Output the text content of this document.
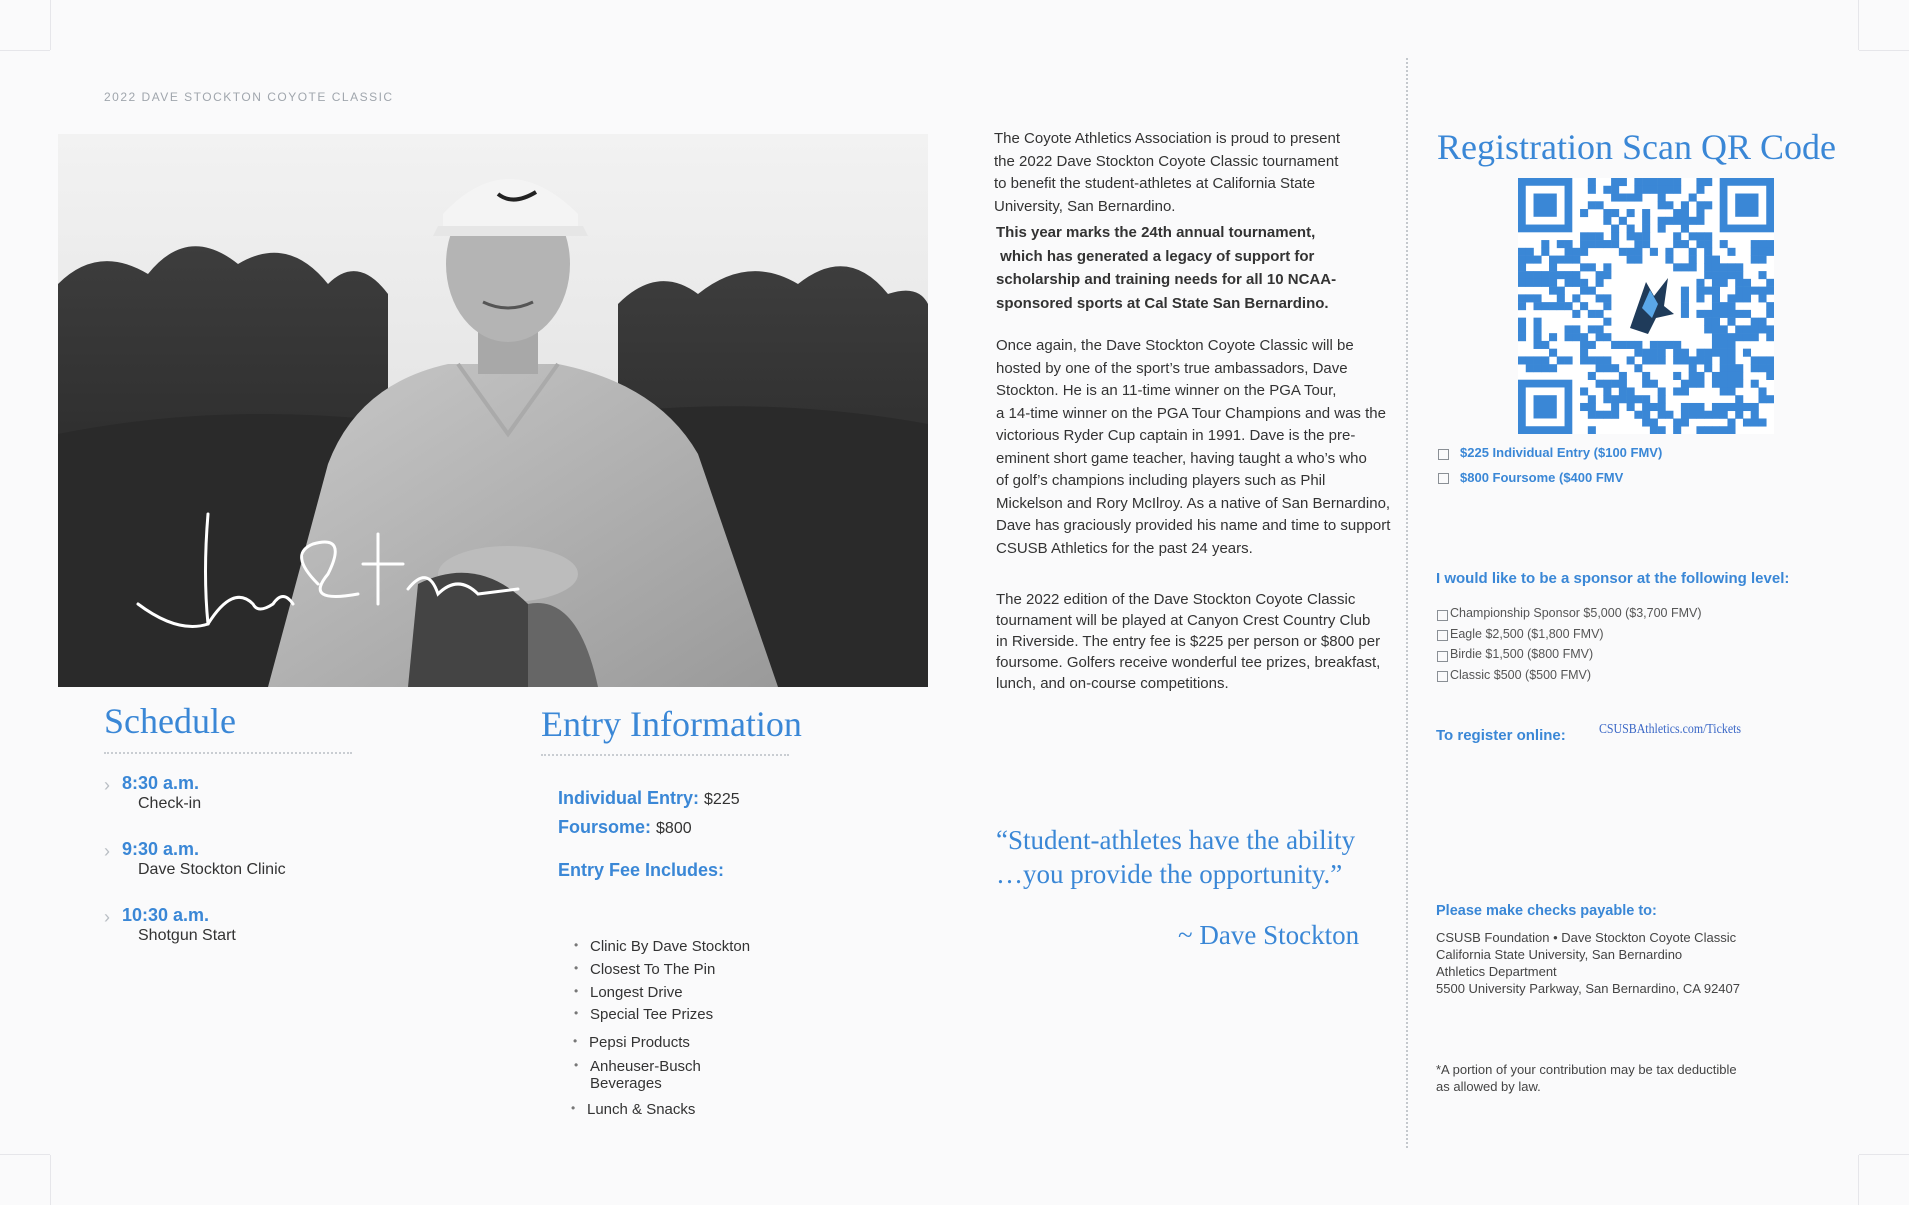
2022 DAVE STOCKTON COYOTE CLASSIC
Schedule
› 8:30 a.m.
Check-in
› 9:30 a.m.
Dave Stockton Clinic
› 10:30 a.m.
Shotgun Start
Entry Information
Individual Entry: $225
Foursome: $800
Entry Fee Includes:
• Clinic By Dave Stockton
• Closest To The Pin
• Longest Drive
• Special Tee Prizes
• Pepsi Products
• Anheuser-Busch
Beverages
• Lunch & Snacks
The Coyote Athletics Association is proud to present
the 2022 Dave Stockton Coyote Classic tournament
to benefit the student-athletes at California State
University, San Bernardino.
This year marks the 24th annual tournament,
which has generated a legacy of support for
scholarship and training needs for all 10 NCAA-
sponsored sports at Cal State San Bernardino.
Once again, the Dave Stockton Coyote Classic will be
hosted by one of the sport’s true ambassadors, Dave
Stockton. He is an 11-time winner on the PGA Tour,
a 14-time winner on the PGA Tour Champions and was the
victorious Ryder Cup captain in 1991. Dave is the pre-
eminent short game teacher, having taught a who’s who
of golf’s champions including players such as Phil
Mickelson and Rory McIlroy. As a native of San Bernardino,
Dave has graciously provided his name and time to support
CSUSB Athletics for the past 24 years.
The 2022 edition of the Dave Stockton Coyote Classic
tournament will be played at Canyon Crest Country Club
in Riverside. The entry fee is $225 per person or $800 per
foursome. Golfers receive wonderful tee prizes, breakfast,
lunch, and on-course competitions.
“Student-athletes have the ability
…you provide the opportunity.”
~ Dave Stockton
Registration Scan QR Code
$225 Individual Entry ($100 FMV)
$800 Foursome ($400 FMV
I would like to be a sponsor at the following level:
Championship Sponsor $5,000 ($3,700 FMV)
Eagle $2,500 ($1,800 FMV)
Birdie $1,500 ($800 FMV)
Classic $500 ($500 FMV)
To register online: CSUSBAthletics.com/Tickets
Please make checks payable to:
CSUSB Foundation • Dave Stockton Coyote Classic
California State University, San Bernardino
Athletics Department
5500 University Parkway, San Bernardino, CA 92407
*A portion of your contribution may be tax deductible
as allowed by law.
